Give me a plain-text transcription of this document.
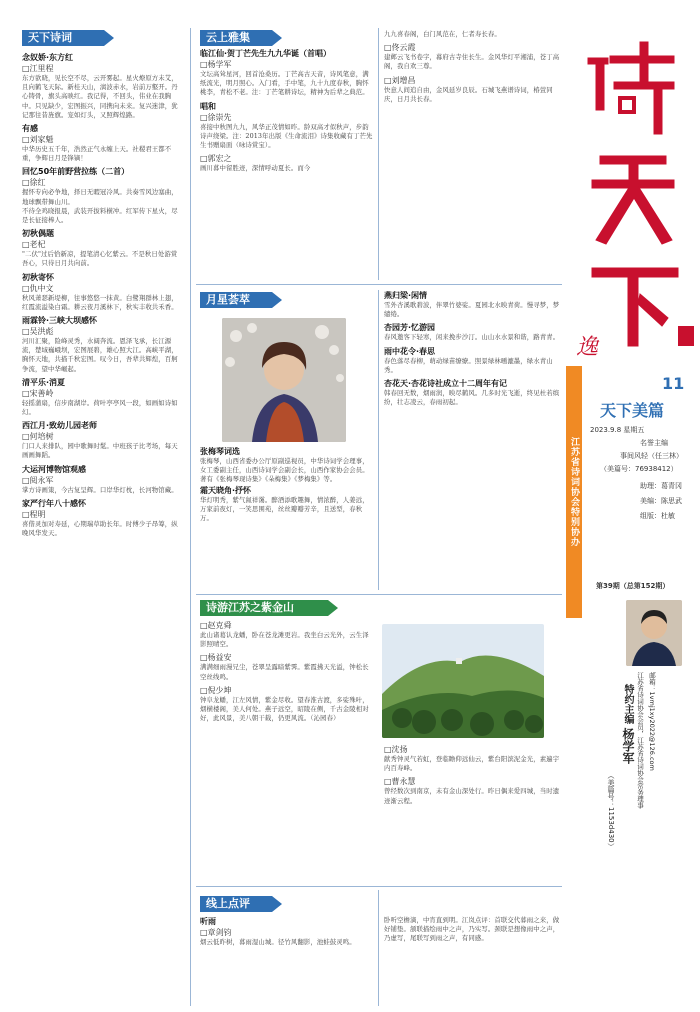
天下诗词
念奴娇·东方红
□江里程
东方欲晓，见长空不尽，云开雾起。星火燎原方未艾，且向鹤飞天际。新桂天山，漓波赤水，岩前万壑开。丹心铸骨，旗头高映红。我记得，不回头，伟业在我胸中。只见缺少，宏图振兴，同携向未来。复兴迷津，犹记那往昔旌旗。宠如灯头，又照辉煌路。
有感
□刘家魁
中华历史五千年，浩然正气永缠上天。社稷君王都不重，争辉日月是锋镝！
回忆50年前野营拉练（二首）
□徐红
握怀专向必争地，择日无暇冠冷风。共奏雪风边塞曲，地球飘带舞山川。
不待全鸡晓报晨，武装开拔料横冲。红军传下星火，尽是长征接棒人。
初秋偶题
□老杞
"二伏"过后恰新凉，提笔清心忆紫云。不是秋日处游赏吾心，只待日月共向前。
初秋寄怀
□仇中文
秋风萧瑟新堤柳，往事悠悠一抹黄。白鹭翔群林上翅，红霞流溢染白霜。耕云夜月溪林下，秋实丰收共禾香。
雨霖铃·三峡大坝感怀
□吴洪彪
河川汇聚，险峰灵秀，水阔奔流。恩泽飞承，长江源流，楚域巍峨坝，宏图展碧，雄心照大江。高峡平湖，胸怀天地，共描千秋宏图。叹今日，吾辈共辉煌，百舸争流，望中华崛起。
清平乐·消夏
□宋善岭
轻摇蒲扇，信步南湖岸。荷叶亭亭风一段，如画如诗如幻。
西江月·致幼儿园老师
□何培树
门口人来排队，园中歌舞时髦。中班孩子比考场，每天画画舞蹈。
大运河博物馆观感
□阅永军
掌方诗画策，今古复呈辉。口岸华灯枕，长河物馆藏。
家严行年八十感怀
□程明
喜偕灵加对寿延，心期瑞草助长年。时傅少子昂筹，纵晚风华发天。
云上雅集
临江仙·贺丁芒先生九九华诞（首唱）
□杨学军
文坛高耸星河，回首沧桑历。丁芒高古天音，诗风笔意，满纸流光，明月照心。入门看，手中笔，九十九度春秋，胸怀桃李，青松不老。注：丁芒笔耕诗坛，精神为后辈之典范。
唱和
□徐崇先
喜接中秋图九九，风华正茂情如昨。龄双高才似秋声，步韵诗声绕梁。注：2013年出版《生命流泪》诗集收藏有丁芒先生书赠扇面（咏诗赏宝）。
□郭宏之
画川暮中留胜迹，深情呼动夏长。而今
九九喜春阁，白门风范在，仁者寿长春。
□佟云霞
建邺云飞书卷字，幕府古寺住长生。金风华灯平湘浦，苍丁高阁，我自欢三尊。
□刘增昌
快意人间追自由，金风延岁良辰。石城飞燕谱诗词，椿萱同庆，日月共长春。
月星荟萃
张梅琴词选
张梅琴，山西省委办公厅原副巡视员，中华诗词学会理事，女工委副主任，山西诗词学会副会长，山西作家协会会员。著有《张梅琴现诗集》《朵梅集》《梦梅集》等。
霜天晓角·抒怀
华灯明秀，紫气氤祥霭。醉酒添歌趣舞，情浓醉，人姜远，万家前夜灯，一笑思围苑，丝丝瓣瓣芳辛，且送型，春秋万。
燕归梁·闲情
雪外杏溪歌碧波，伴翠竹婆娑。夏园北水映青荷。慢寻梦，梦缱绻。
杏园芳·忆游园
春风邀客下轻寒，闲来挽步沙汀。山山水水景和谐，路青青。
雨中花令·春思
春色落尽春柳，萌动绿苗缭缭。照景绿林曛漉墨，绿水青山秀。
杏花天·杏花诗社成立十二周年有记
韩春回无数，烟雨润，映尽鹤风。几多时光飞逝，终见杜若缤纷，壮志凌云，春雨初起。
诗游江苏之紫金山
□赵克舜
此山诸葛认龙蟠，卧在苍龙滩更岩。我坐白云光外，云生泽影照晴空。
□杨益安
满满细雨漫兄尘，苍翠呈露暗紫霁。紫霞拂天光溢，钟松长空丝线鸣。
□倪少坤
钟阜龙蟠，江左风情，紫金尽收。望春淮古渡，多娑殊叶，烟横楼阁，美人何处。燕子远空，昭陵在侧，千古金陵相对好，此风景，美八朝干载，仍更风流。（沁园春）
□沈扬
献秀钟灵气若虹，登临瞻仰远仙云，紫台阳滨泥金光，素遍宇内百寿峰。
□曹永慧
曾经数次到南京，未有金山深处行。昨日偶来爱四城，当时遗迹渐云程。
线上点评
听雨
□章剑钧
烟云低昨树，暮雨湿山城。径竹风翻影，池蛙鼓灵鸣。
卧听空檐滴，中宵直到明。江岚点评：首联交代暮雨之来，做好铺垫。颔联描绘雨中之声，乃实写。颈联是想像雨中之声，乃虚写，尾联写到雨之声，有同感。
逸
江苏省诗词协会特别协办
11
天下美篇
2023.9.8 星期五
名誉主编
事间风轻（任三林）
（美篇号：76938412）
助理：葛青冈
美编：陈思武
组版：杜敏
第39期（总第152期）
邮箱：1vmj1xy2022@126.com
江苏省诗词协会会员，江苏省诗词协会常务理事
特约主编
杨学军
（美篇号：1153d430）
